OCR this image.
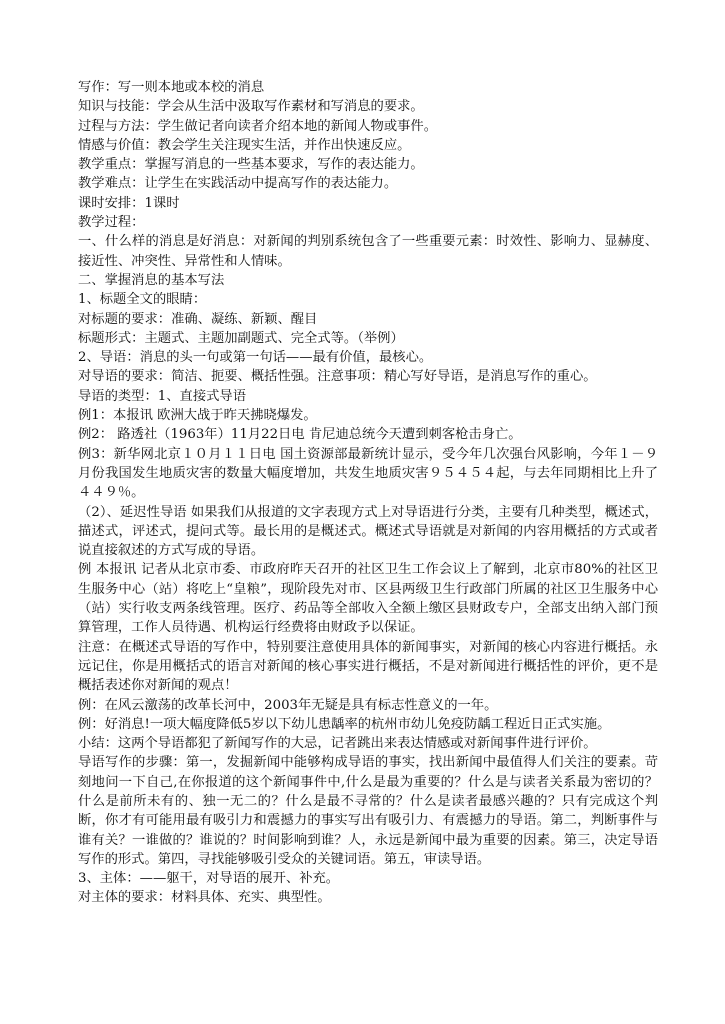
写作：写一则本地或本校的消息

知识与技能：学会从生活中汲取写作素材和写消息的要求。

过程与方法：学生做记者向读者介绍本地的新闻人物或事件。

情感与价值：教会学生关注现实生活，并作出快速反应。

教学重点：掌握写消息的一些基本要求，写作的表达能力。

教学难点：让学生在实践活动中提高写作的表达能力。

课时安排：1课时

教学过程：

一、什么样的消息是好消息：对新闻的判别系统包含了一些重要元素：时效性、影响力、显赫度、接近性、冲突性、异常性和人情味。

二、掌握消息的基本写法

1、标题全文的眼睛：

对标题的要求：准确、凝练、新颖、醒目

标题形式：主题式、主题加副题式、完全式等。（举例）

2、导语：消息的头一句或第一句话——最有价值，最核心。

对导语的要求：简洁、扼要、概括性强。注意事项：精心写好导语，是消息写作的重心。

导语的类型：1、直接式导语

例1：本报讯 欧洲大战于昨天拂晓爆发。

例2： 路透社（1963年）11月22日电 肯尼迪总统今天遭到刺客枪击身亡。

例3：新华网北京１０月１１日电 国土资源部最新统计显示，受今年几次强台风影响，今年１－９月份我国发生地质灾害的数量大幅度增加，共发生地质灾害９５４５４起，与去年同期相比上升了４４９％。

（2）、延迟性导语 如果我们从报道的文字表现方式上对导语进行分类，主要有几种类型，概述式，描述式，评述式，提问式等。最长用的是概述式。概述式导语就是对新闻的内容用概括的方式或者说直接叙述的方式写成的导语。

例 本报讯 记者从北京市委、市政府昨天召开的社区卫生工作会议上了解到，北京市80%的社区卫生服务中心（站）将吃上“皇粮”，现阶段先对市、区县两级卫生行政部门所属的社区卫生服务中心（站）实行收支两条线管理。医疗、药品等全部收入全额上缴区县财政专户，全部支出纳入部门预算管理，工作人员待遇、机构运行经费将由财政予以保证。

注意：在概述式导语的写作中，特别要注意使用具体的新闻事实，对新闻的核心内容进行概括。永远记住，你是用概括式的语言对新闻的核心事实进行概括，不是对新闻进行概括性的评价，更不是概括表述你对新闻的观点！

例：在风云激荡的改革长河中，2003年无疑是具有标志性意义的一年。

例：好消息!一项大幅度降低5岁以下幼儿患龋率的杭州市幼儿免疫防龋工程近日正式实施。

小结：这两个导语都犯了新闻写作的大忌，记者跳出来表达情感或对新闻事件进行评价。

导语写作的步骤：第一，发掘新闻中能够构成导语的事实，找出新闻中最值得人们关注的要素。苛刻地问一下自己,在你报道的这个新闻事件中,什么是最为重要的？什么是与读者关系最为密切的？什么是前所未有的、独一无二的？什么是最不寻常的？什么是读者最感兴趣的？只有完成这个判断，你才有可能用最有吸引力和震撼力的事实写出有吸引力、有震撼力的导语。第二，判断事件与谁有关？一谁做的？谁说的？时间影响到谁？人，永远是新闻中最为重要的因素。第三，决定导语写作的形式。第四，寻找能够吸引受众的关键词语。第五，审读导语。

3、主体：——躯干，对导语的展开、补充。

对主体的要求：材料具体、充实、典型性。
